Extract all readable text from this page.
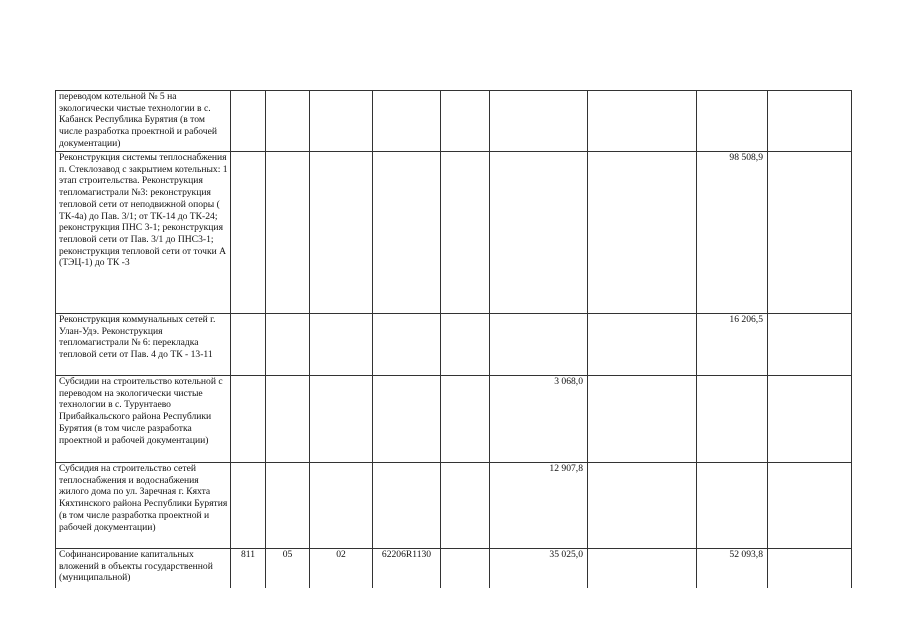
переводом котельной № 5 на экологически чистые технологии в с. Кабанск Республика Бурятия (в том числе разработка проектной и рабочей документации)									
Реконструкция системы теплоснабжения п. Стеклозавод с закрытием котельных: 1 этап строительства. Реконструкция тепломагистрали №3: реконструкция тепловой сети от неподвижной опоры ( ТК-4а) до Пав. 3/1; от ТК-14 до ТК-24; реконструкция ПНС 3-1; реконструкция тепловой сети от Пав. 3/1 до ПНС3-1; реконструкция тепловой сети от точки А (ТЭЦ-1) до ТК -3								98 508,9	
Реконструкция коммунальных сетей г. Улан-Удэ. Реконструкция тепломагистрали № 6: перекладка тепловой сети от Пав. 4 до ТК - 13-11								16 206,5	
Субсидии на строительство котельной с переводом на экологически чистые технологии в с. Турунтаево Прибайкальского района Республики Бурятия (в том числе разработка проектной и рабочей документации)						3 068,0			
Субсидия на строительство сетей теплоснабжения и водоснабжения жилого дома по ул. Заречная г. Кяхта Кяхтинского района Республики Бурятия (в том числе разработка проектной и рабочей документации)						12 907,8			
Софинансирование капитальных вложений в объекты государственной (муниципальной)	811	05	02	62206R1130		35 025,0		52 093,8	
